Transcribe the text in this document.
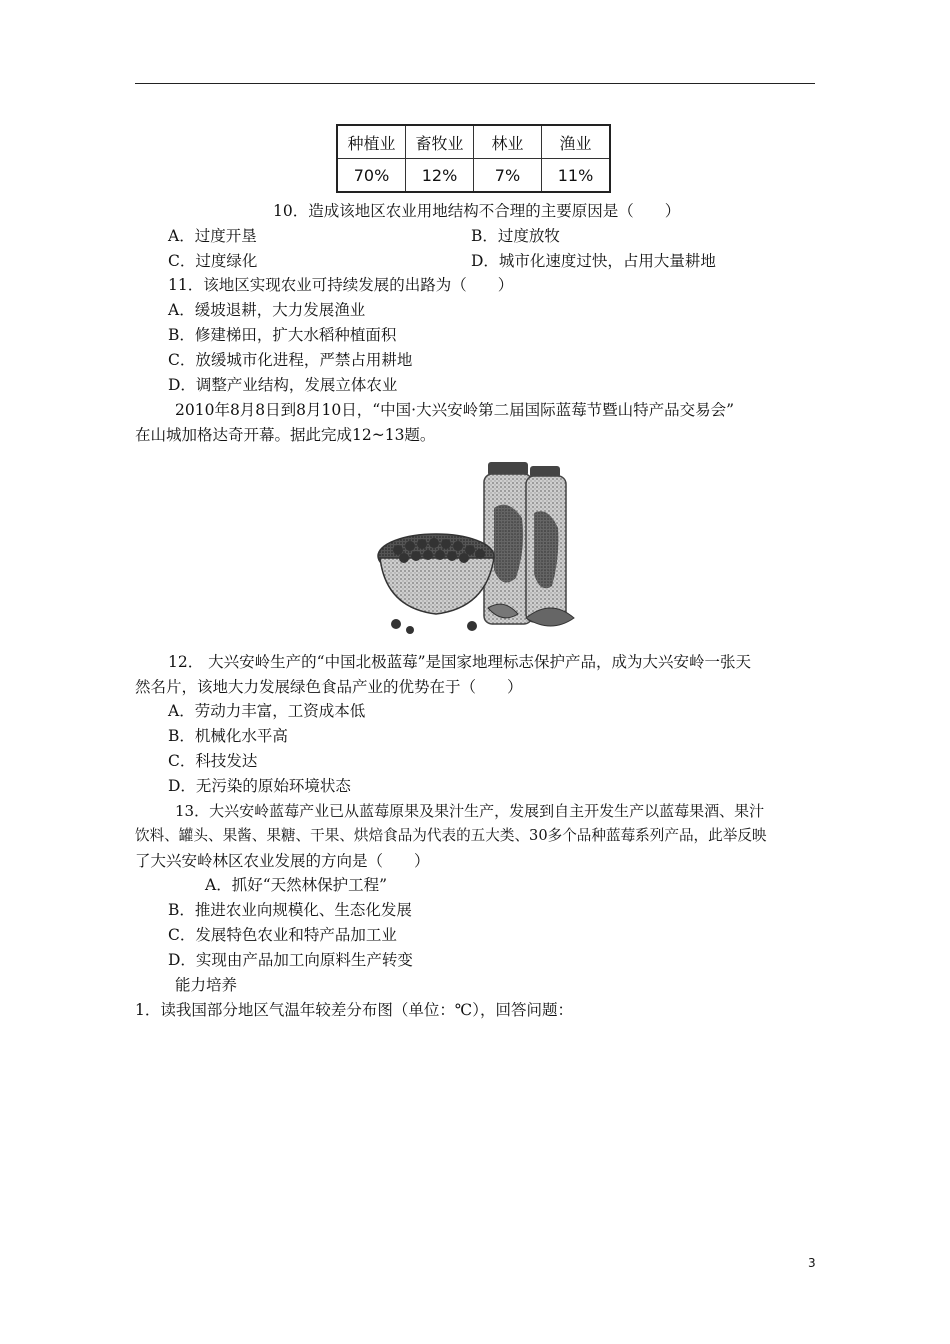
种植业	畜牧业	林业	渔业
70%	12%	7%	11%
10．造成该地区农业用地结构不合理的主要原因是（　　）
A．过度开垦	B．过度放牧
C．过度绿化	D．城市化速度过快，占用大量耕地
11．该地区实现农业可持续发展的出路为（　　）
A．缓坡退耕，大力发展渔业
B．修建梯田，扩大水稻种植面积
C．放缓城市化进程，严禁占用耕地
D．调整产业结构，发展立体农业
2010年8月8日到8月10日，“中国·大兴安岭第二届国际蓝莓节暨山特产品交易会”
在山城加格达奇开幕。据此完成12~13题。
12． 大兴安岭生产的“中国北极蓝莓”是国家地理标志保护产品，成为大兴安岭一张天
然名片，该地大力发展绿色食品产业的优势在于（　　）
A．劳动力丰富，工资成本低
B．机械化水平高
C．科技发达
D．无污染的原始环境状态
13．大兴安岭蓝莓产业已从蓝莓原果及果汁生产，发展到自主开发生产以蓝莓果酒、果汁
饮料、罐头、果酱、果糖、干果、烘焙食品为代表的五大类、30多个品种蓝莓系列产品，此举反映
了大兴安岭林区农业发展的方向是（　　）
A．抓好“天然林保护工程”
B．推进农业向规模化、生态化发展
C．发展特色农业和特产品加工业
D．实现由产品加工向原料生产转变
能力培养
1．读我国部分地区气温年较差分布图（单位：℃），回答问题：
3
